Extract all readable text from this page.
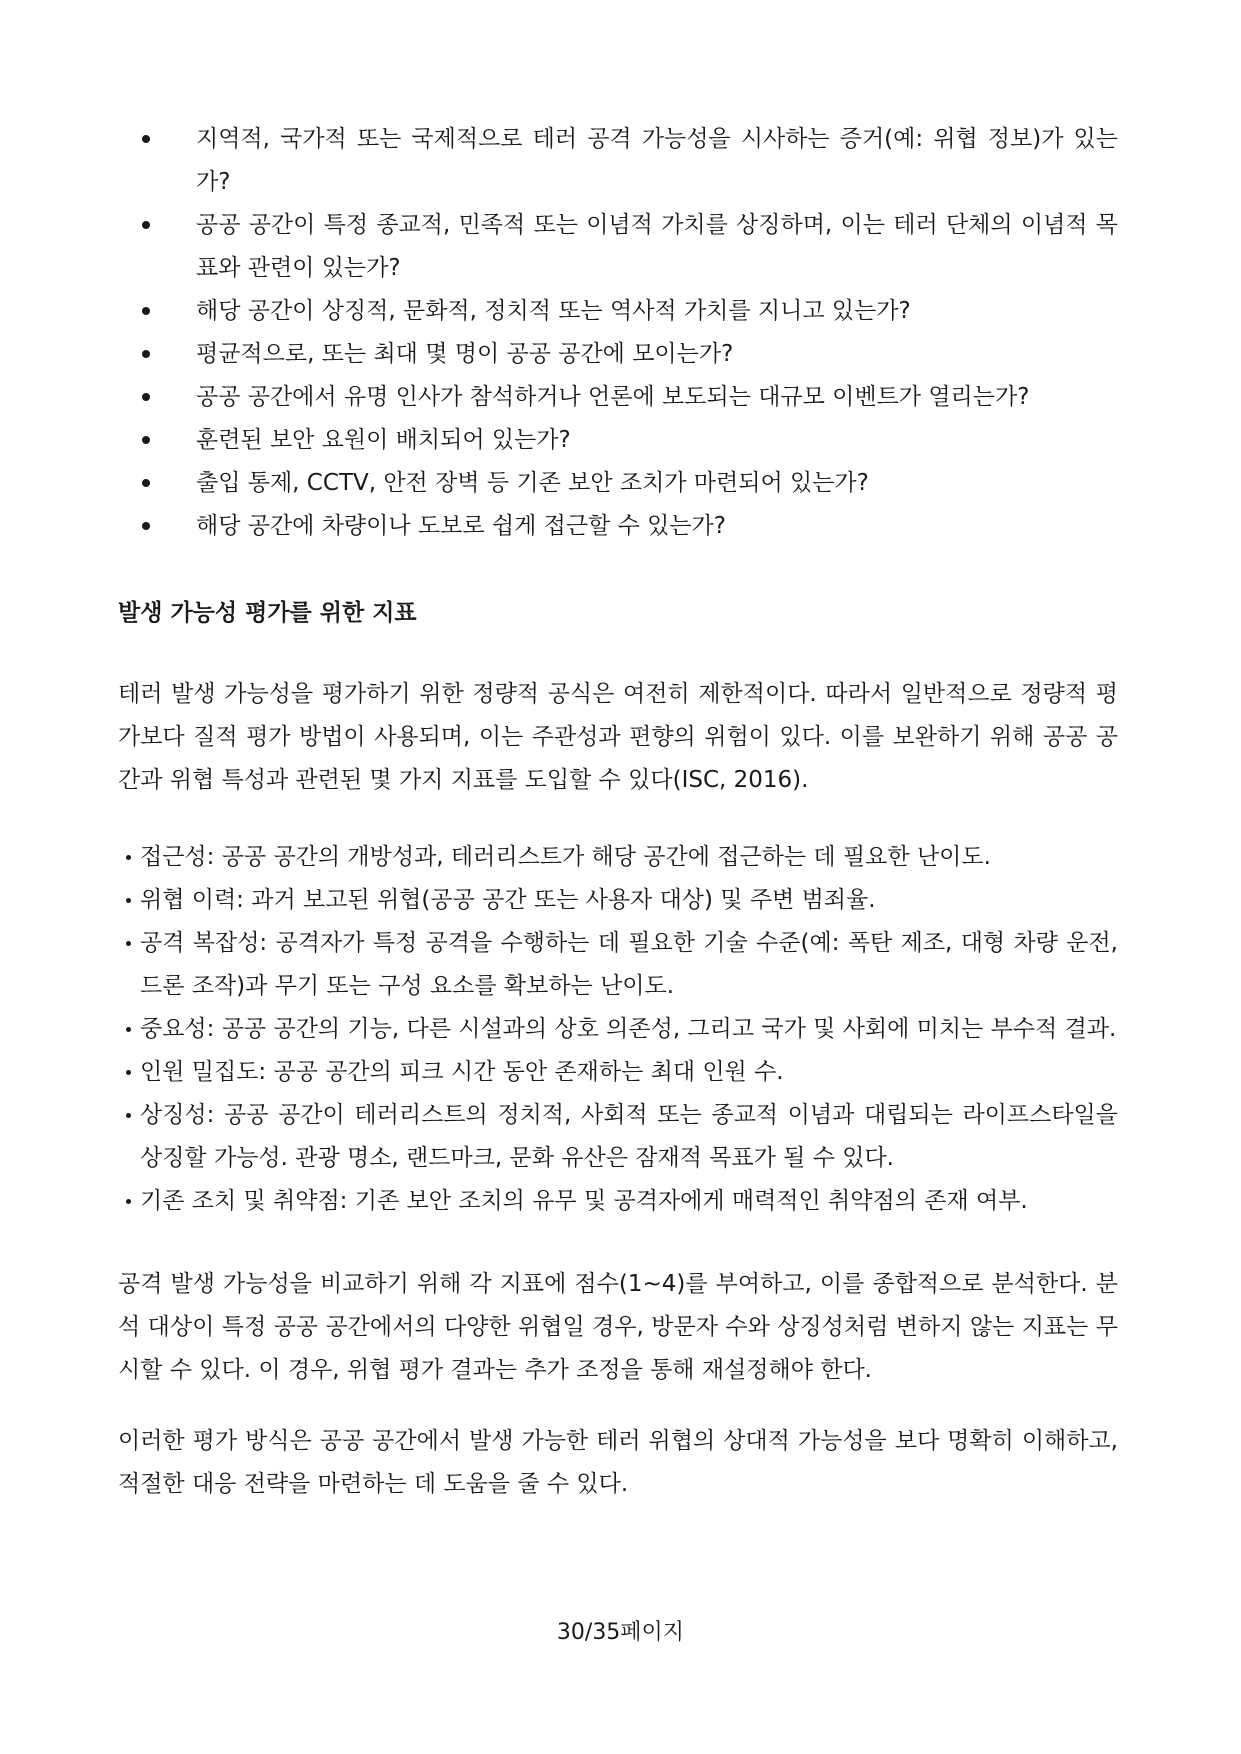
지역적, 국가적 또는 국제적으로 테러 공격 가능성을 시사하는 증거(예: 위협 정보)가 있는가?
공공 공간이 특정 종교적, 민족적 또는 이념적 가치를 상징하며, 이는 테러 단체의 이념적 목표와 관련이 있는가?
해당 공간이 상징적, 문화적, 정치적 또는 역사적 가치를 지니고 있는가?
평균적으로, 또는 최대 몇 명이 공공 공간에 모이는가?
공공 공간에서 유명 인사가 참석하거나 언론에 보도되는 대규모 이벤트가 열리는가?
훈련된 보안 요원이 배치되어 있는가?
출입 통제, CCTV, 안전 장벽 등 기존 보안 조치가 마련되어 있는가?
해당 공간에 차량이나 도보로 쉽게 접근할 수 있는가?
발생 가능성 평가를 위한 지표

테러 발생 가능성을 평가하기 위한 정량적 공식은 여전히 제한적이다. 따라서 일반적으로 정량적 평가보다 질적 평가 방법이 사용되며, 이는 주관성과 편향의 위험이 있다. 이를 보완하기 위해 공공 공간과 위협 특성과 관련된 몇 가지 지표를 도입할 수 있다(ISC, 2016).

접근성: 공공 공간의 개방성과, 테러리스트가 해당 공간에 접근하는 데 필요한 난이도.
위협 이력: 과거 보고된 위협(공공 공간 또는 사용자 대상) 및 주변 범죄율.
공격 복잡성: 공격자가 특정 공격을 수행하는 데 필요한 기술 수준(예: 폭탄 제조, 대형 차량 운전, 드론 조작)과 무기 또는 구성 요소를 확보하는 난이도.
중요성: 공공 공간의 기능, 다른 시설과의 상호 의존성, 그리고 국가 및 사회에 미치는 부수적 결과.
인원 밀집도: 공공 공간의 피크 시간 동안 존재하는 최대 인원 수.
상징성: 공공 공간이 테러리스트의 정치적, 사회적 또는 종교적 이념과 대립되는 라이프스타일을 상징할 가능성. 관광 명소, 랜드마크, 문화 유산은 잠재적 목표가 될 수 있다.
기존 조치 및 취약점: 기존 보안 조치의 유무 및 공격자에게 매력적인 취약점의 존재 여부.

공격 발생 가능성을 비교하기 위해 각 지표에 점수(1~4)를 부여하고, 이를 종합적으로 분석한다. 분석 대상이 특정 공공 공간에서의 다양한 위협일 경우, 방문자 수와 상징성처럼 변하지 않는 지표는 무시할 수 있다. 이 경우, 위협 평가 결과는 추가 조정을 통해 재설정해야 한다.

이러한 평가 방식은 공공 공간에서 발생 가능한 테러 위협의 상대적 가능성을 보다 명확히 이해하고, 적절한 대응 전략을 마련하는 데 도움을 줄 수 있다.

30/35페이지
